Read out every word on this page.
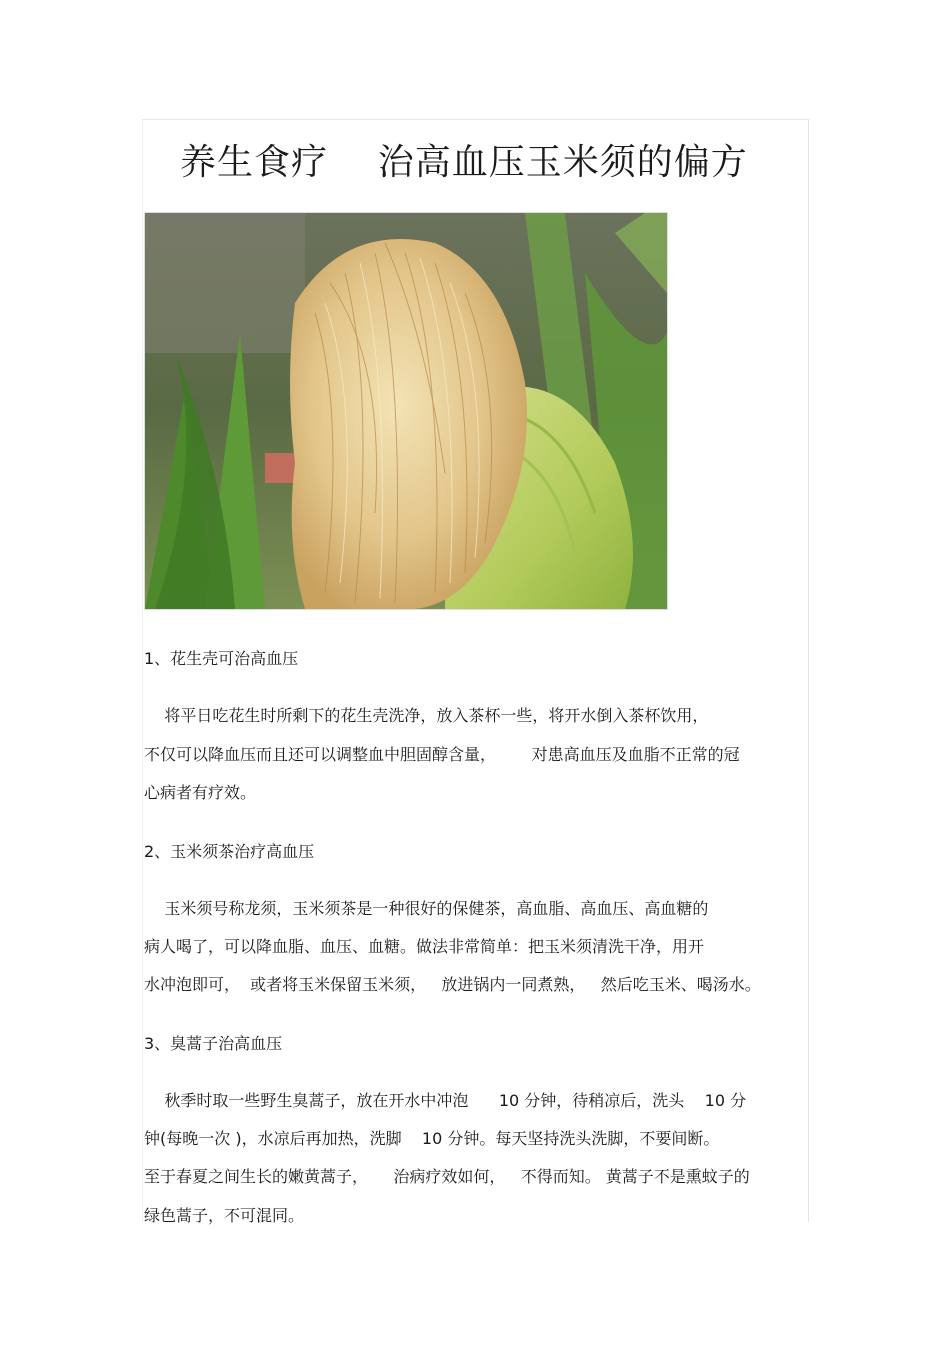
养生食疗    治高血压玉米须的偏方
1、花生壳可治高血压
将平日吃花生时所剩下的花生壳洗净，放入茶杯一些，将开水倒入茶杯饮用，
不仅可以降血压而且还可以调整血中胆固醇含量，       对患高血压及血脂不正常的冠
心病者有疗效。
2、玉米须茶治疗高血压
玉米须号称龙须，玉米须茶是一种很好的保健茶，高血脂、高血压、高血糖的
病人喝了，可以降血脂、血压、血糖。做法非常简单：把玉米须清洗干净，用开
水冲泡即可，  或者将玉米保留玉米须，   放进锅内一同煮熟，   然后吃玉米、喝汤水。
3、臭蒿子治高血压
秋季时取一些野生臭蒿子，放在开水中冲泡      10 分钟，待稍凉后，洗头    10 分
钟(每晚一次 )，水凉后再加热，洗脚    10 分钟。每天坚持洗头洗脚，不要间断。
至于春夏之间生长的嫩黄蒿子，     治病疗效如何，   不得而知。 黄蒿子不是熏蚊子的
绿色蒿子，不可混同。
